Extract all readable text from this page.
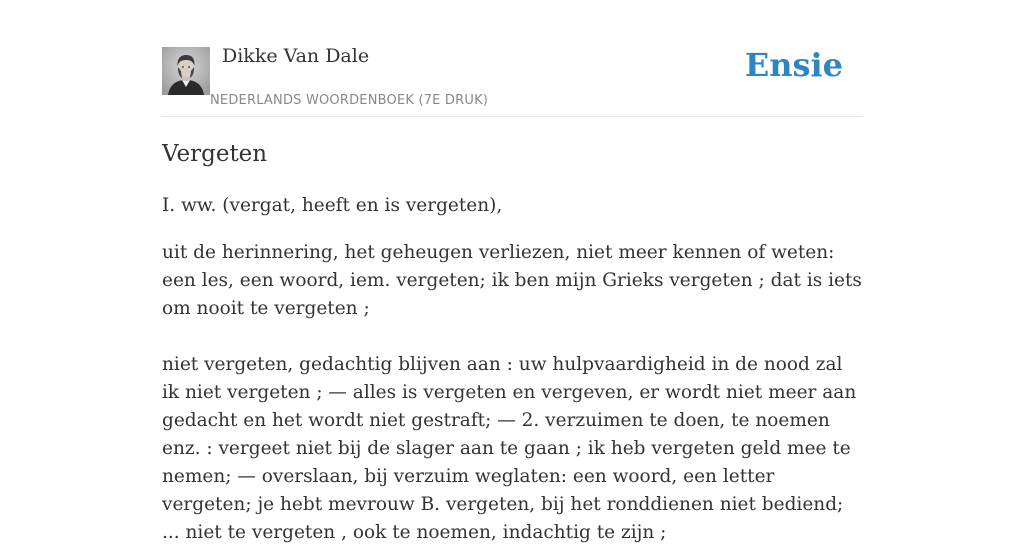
Dikke Van Dale
NEDERLANDS WOORDENBOEK (7E DRUK)
Ensie
Vergeten

I. ww. (vergat, heeft en is vergeten),

uit de herinnering, het geheugen verliezen, niet meer kennen of weten: een les, een woord, iem. vergeten; ik ben mijn Grieks vergeten ; dat is iets om nooit te vergeten ;

niet vergeten, gedachtig blijven aan : uw hulpvaardigheid in de nood zal ik niet vergeten ; — alles is vergeten en vergeven, er wordt niet meer aan gedacht en het wordt niet gestraft; — 2. verzuimen te doen, te noemen enz. : vergeet niet bij de slager aan te gaan ; ik heb vergeten geld mee te nemen; — overslaan, bij verzuim weglaten: een woord, een letter vergeten; je hebt mevrouw B. vergeten, bij het ronddienen niet bediend; ... niet te vergeten , ook te noemen, indachtig te zijn ;
